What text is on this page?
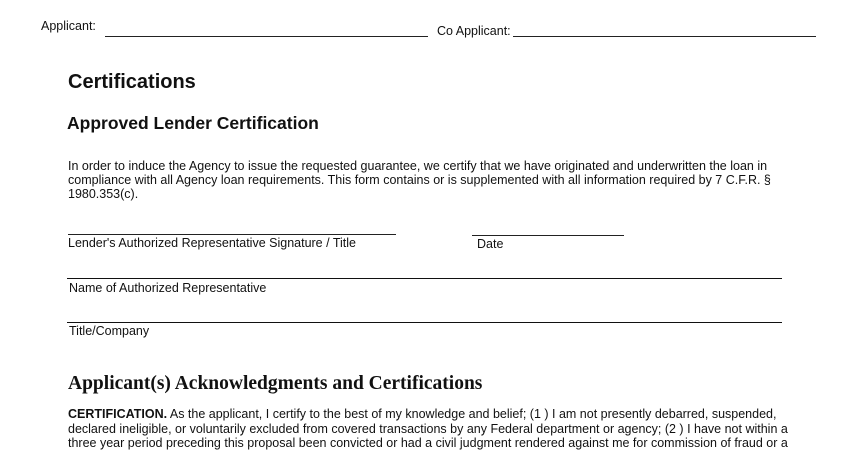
Applicant:	Co Applicant:
Certifications
Approved Lender Certification
In order to induce the Agency to issue the requested guarantee, we certify that we have originated and underwritten the loan in compliance with all Agency loan requirements. This form contains or is supplemented with all information required by 7 C.F.R. § 1980.353(c).
Lender's Authorized Representative Signature / Title	Date
Name of Authorized Representative
Title/Company
Applicant(s) Acknowledgments and Certifications
CERTIFICATION. As the applicant, I certify to the best of my knowledge and belief; (1 ) I am not presently debarred, suspended, declared ineligible, or voluntarily excluded from covered transactions by any Federal department or agency; (2 ) I have not within a three year period preceding this proposal been convicted or had a civil judgment rendered against me for commission of fraud or a
